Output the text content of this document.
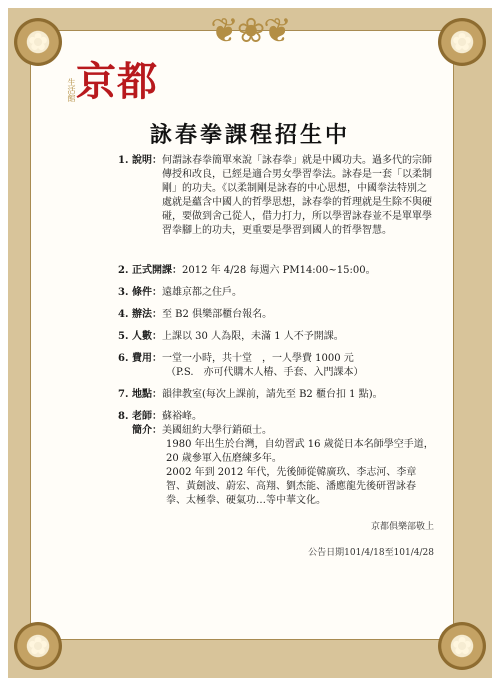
✿
✿
✿
✿
❦❀❦
生活館 京都
詠春拳課程招生中
1. 說明： 何謂詠春拳簡單來說「詠春拳」就是中國功夫。過多代的宗師傳授和改良，已經是適合男女學習拳法。詠春是一套「以柔制剛」的功夫。《以柔制剛是詠春的中心思想，中國拳法特別之處就是蘊含中國人的哲學思想，詠春拳的哲理就是生除不與硬碰，要做到舍己從人，借力打力，所以學習詠春並不是單單學習拳腳上的功夫，更重要是學習到國人的哲學智慧。
2. 正式開課： 2012 年 4/28 每週六 PM14:00~15:00。
3. 條件： 遠雄京都之住戶。
4. 辦法： 至 B2 俱樂部櫃台報名。
5. 人數： 上課以 30 人為限，未滿 1 人不予開課。
6. 費用： 一堂一小時，共十堂　，一人學費 1000 元
（P.S.　亦可代購木人樁、手套、入門課本）
7. 地點： 韻律教室(每次上課前，請先至 B2 櫃台扣 1 點)。
8. 老師： 蘇裕峰。
簡介： 美國紐約大學行銷碩士。
1980 年出生於台灣，自幼習武 16 歲從日本名師學空手道，20 歲參軍入伍磨練多年。
2002 年到 2012 年代，先後師從韓廣玖、李志河、李章智、黃劍波、蔚宏、高翔、劉杰能、潘應龍先後研習詠春拳、太極拳、硬氣功…等中華文化。
京都俱樂部敬上
公告日期101/4/18至101/4/28
